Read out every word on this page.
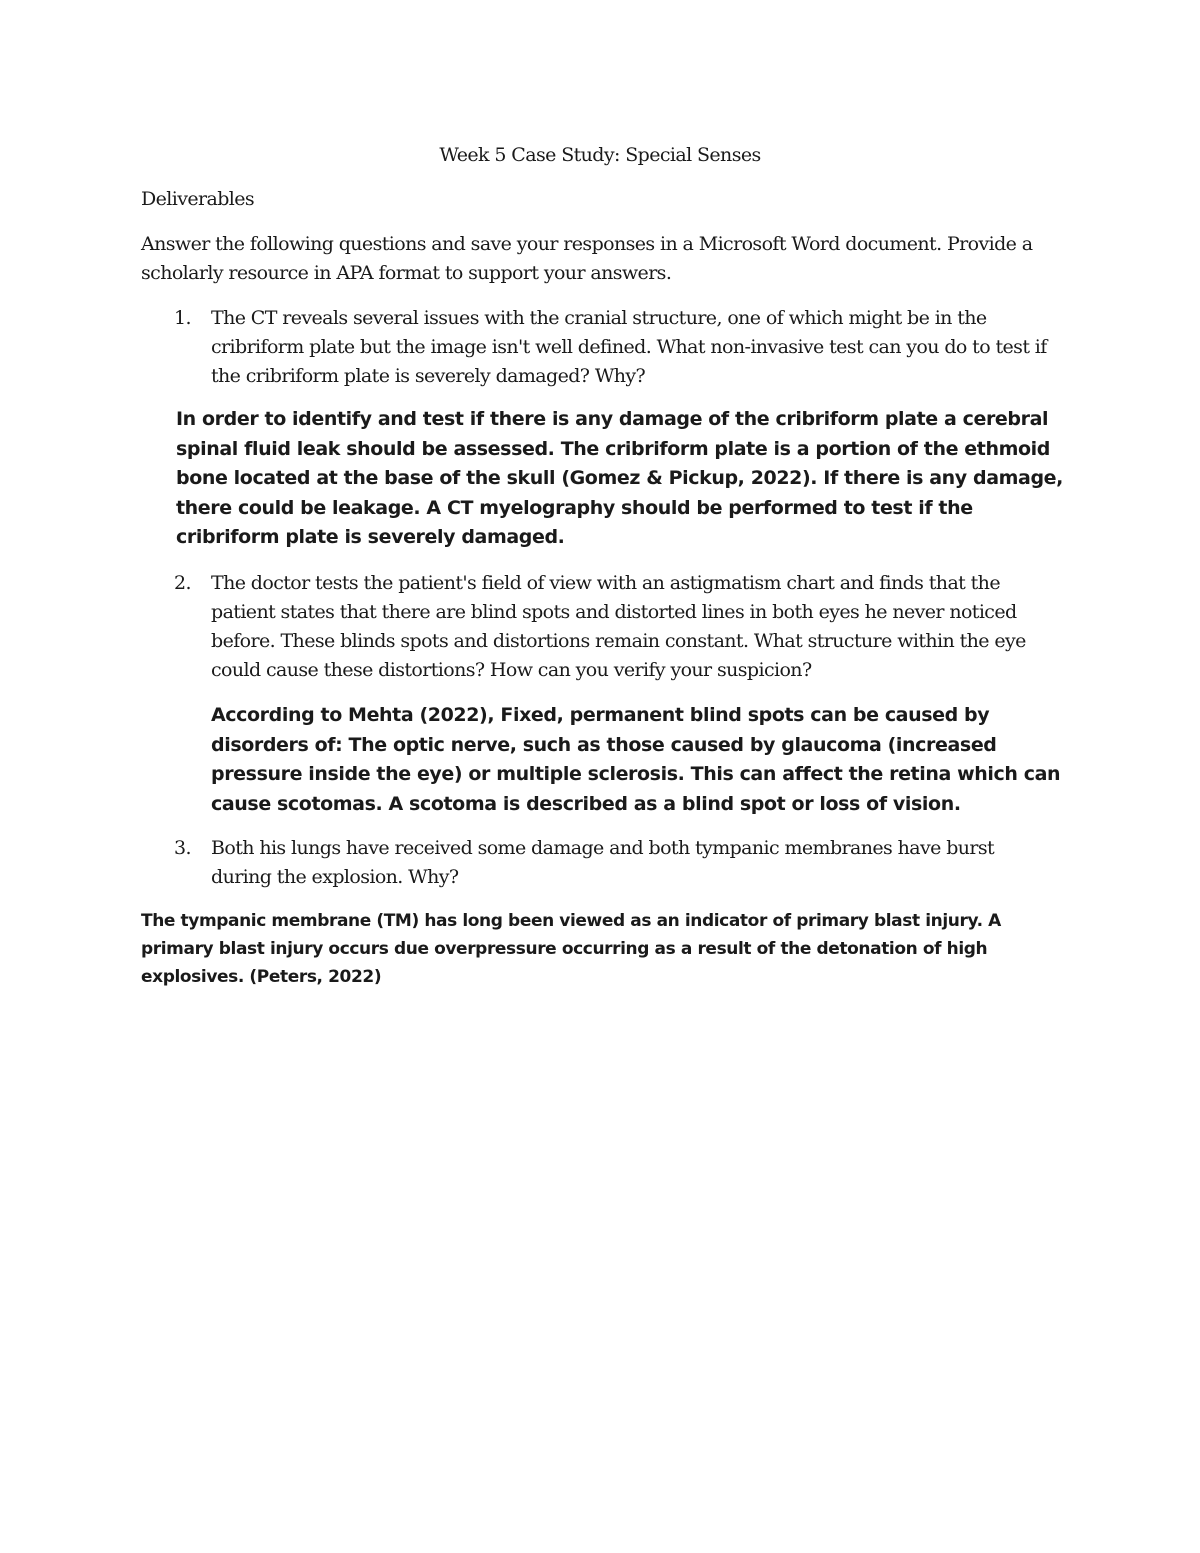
Week 5 Case Study: Special Senses

Deliverables

Answer the following questions and save your responses in a Microsoft Word document. Provide a scholarly resource in APA format to support your answers.

1.	The CT reveals several issues with the cranial structure, one of which might be in the cribriform plate but the image isn't well defined. What non-invasive test can you do to test if the cribriform plate is severely damaged? Why?

In order to identify and test if there is any damage of the cribriform plate a cerebral spinal fluid leak should be assessed. The cribriform plate is a portion of the ethmoid bone located at the base of the skull (Gomez & Pickup, 2022). If there is any damage, there could be leakage. A CT myelography should be performed to test if the cribriform plate is severely damaged.

2.	The doctor tests the patient's field of view with an astigmatism chart and finds that the patient states that there are blind spots and distorted lines in both eyes he never noticed before. These blinds spots and distortions remain constant. What structure within the eye could cause these distortions? How can you verify your suspicion?

According to Mehta (2022), Fixed, permanent blind spots can be caused by disorders of: The optic nerve, such as those caused by glaucoma (increased pressure inside the eye) or multiple sclerosis. This can affect the retina which can cause scotomas. A scotoma is described as a blind spot or loss of vision.

3.	Both his lungs have received some damage and both tympanic membranes have burst during the explosion. Why?

The tympanic membrane (TM) has long been viewed as an indicator of primary blast injury. A primary blast injury occurs due overpressure occurring as a result of the detonation of high explosives. (Peters, 2022)
